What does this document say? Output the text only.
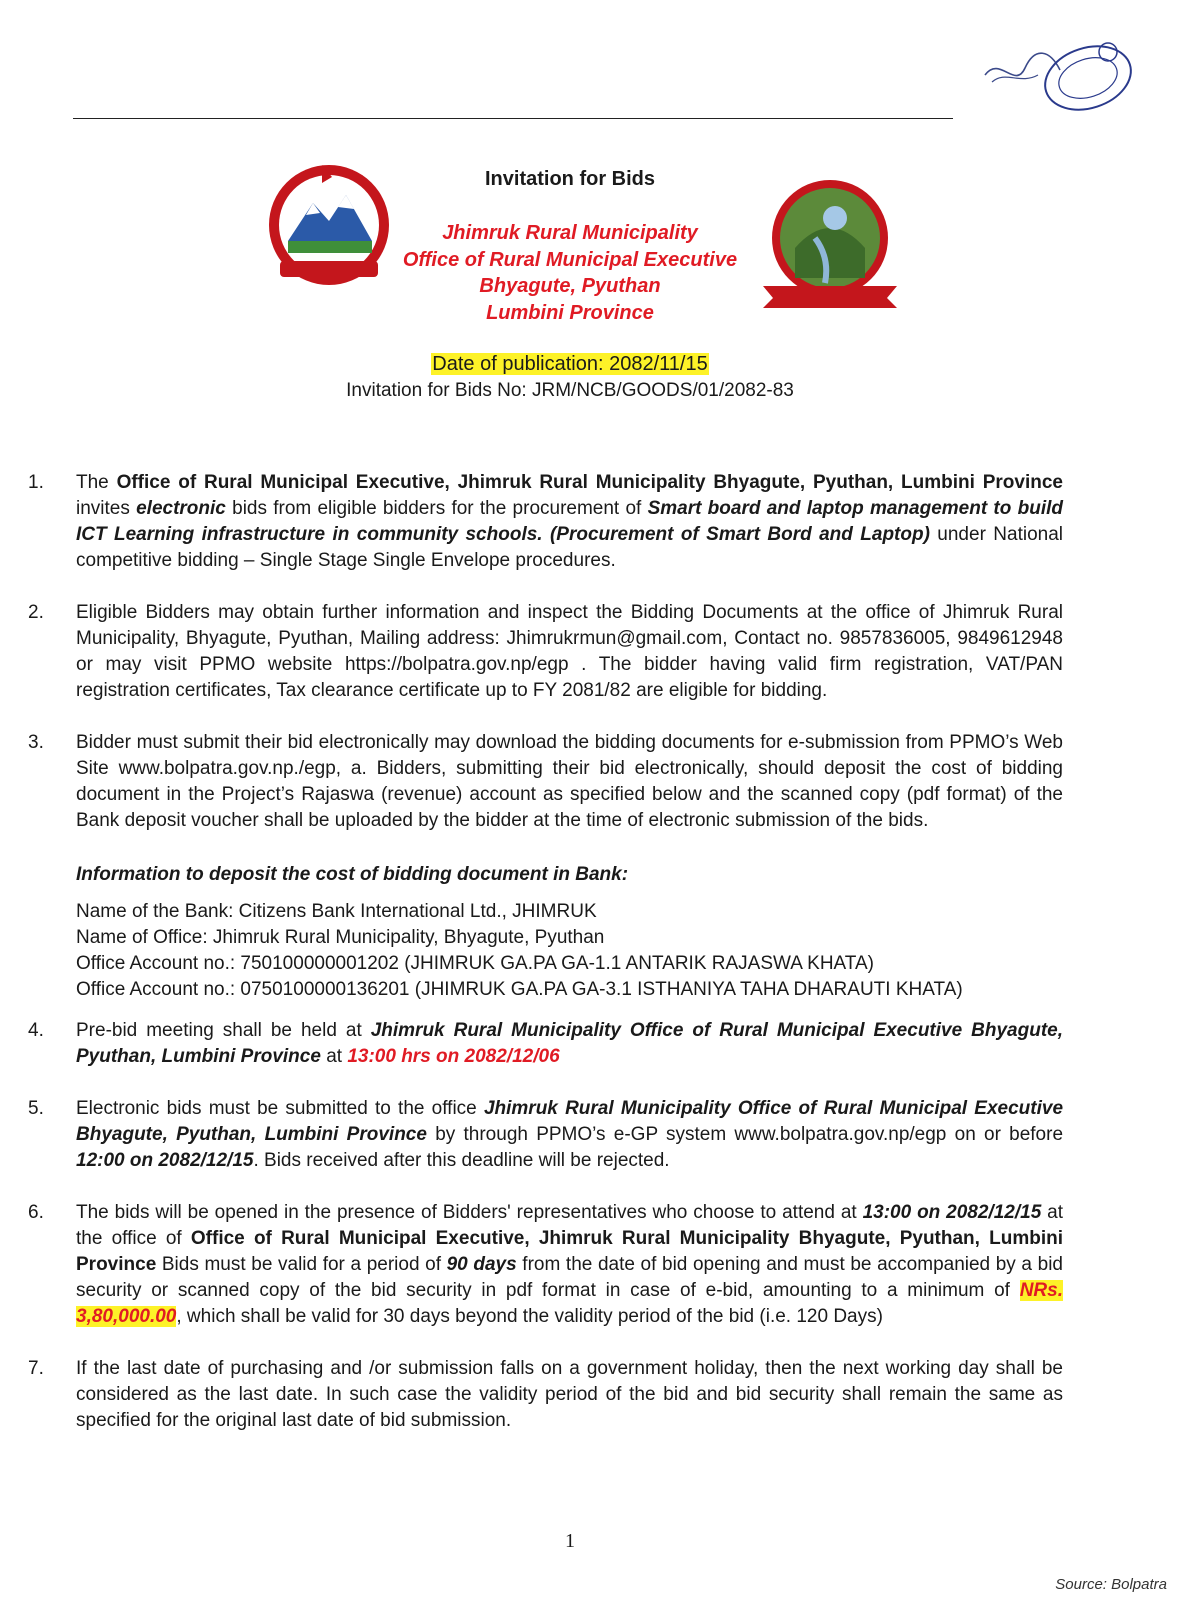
Invitation for Bids
Jhimruk Rural Municipality
Office of Rural Municipal Executive
Bhyagute, Pyuthan
Lumbini Province
Date of publication: 2082/11/15
Invitation for Bids No: JRM/NCB/GOODS/01/2082-83
1. The Office of Rural Municipal Executive, Jhimruk Rural Municipality Bhyagute, Pyuthan, Lumbini Province invites electronic bids from eligible bidders for the procurement of Smart board and laptop management to build ICT Learning infrastructure in community schools. (Procurement of Smart Bord and Laptop) under National competitive bidding – Single Stage Single Envelope procedures.
2. Eligible Bidders may obtain further information and inspect the Bidding Documents at the office of Jhimruk Rural Municipality, Bhyagute, Pyuthan, Mailing address: Jhimrukrmun@gmail.com, Contact no. 9857836005, 9849612948 or may visit PPMO website https://bolpatra.gov.np/egp . The bidder having valid firm registration, VAT/PAN registration certificates, Tax clearance certificate up to FY 2081/82 are eligible for bidding.
3. Bidder must submit their bid electronically may download the bidding documents for e-submission from PPMO’s Web Site www.bolpatra.gov.np./egp, a. Bidders, submitting their bid electronically, should deposit the cost of bidding document in the Project’s Rajaswa (revenue) account as specified below and the scanned copy (pdf format) of the Bank deposit voucher shall be uploaded by the bidder at the time of electronic submission of the bids.
Information to deposit the cost of bidding document in Bank:
Name of the Bank: Citizens Bank International Ltd., JHIMRUK
Name of Office: Jhimruk Rural Municipality, Bhyagute, Pyuthan
Office Account no.: 750100000001202 (JHIMRUK GA.PA GA-1.1 ANTARIK RAJASWA KHATA)
Office Account no.: 0750100000136201 (JHIMRUK GA.PA GA-3.1 ISTHANIYA TAHA DHARAUTI KHATA)
4. Pre-bid meeting shall be held at Jhimruk Rural Municipality Office of Rural Municipal Executive Bhyagute, Pyuthan, Lumbini Province at 13:00 hrs on 2082/12/06
5. Electronic bids must be submitted to the office Jhimruk Rural Municipality Office of Rural Municipal Executive Bhyagute, Pyuthan, Lumbini Province by through PPMO’s e-GP system www.bolpatra.gov.np/egp on or before 12:00 on 2082/12/15. Bids received after this deadline will be rejected.
6. The bids will be opened in the presence of Bidders' representatives who choose to attend at 13:00 on 2082/12/15 at the office of Office of Rural Municipal Executive, Jhimruk Rural Municipality Bhyagute, Pyuthan, Lumbini Province Bids must be valid for a period of 90 days from the date of bid opening and must be accompanied by a bid security or scanned copy of the bid security in pdf format in case of e-bid, amounting to a minimum of NRs. 3,80,000.00, which shall be valid for 30 days beyond the validity period of the bid (i.e. 120 Days)
7. If the last date of purchasing and /or submission falls on a government holiday, then the next working day shall be considered as the last date. In such case the validity period of the bid and bid security shall remain the same as specified for the original last date of bid submission.
1
Source: Bolpatra
